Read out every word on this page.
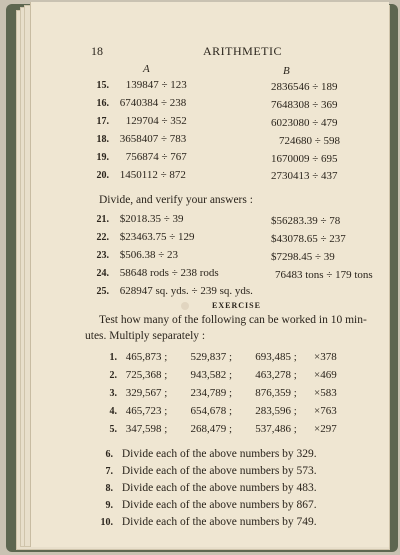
18	ARITHMETIC
A	B
15. 139847 ÷ 123	2836546 ÷ 189
16. 6740384 ÷ 238	7648308 ÷ 369
17. 129704 ÷ 352	6023080 ÷ 479
18. 3658407 ÷ 783	724680 ÷ 598
19. 756874 ÷ 767	1670009 ÷ 695
20. 1450112 ÷ 872	2730413 ÷ 437
Divide, and verify your answers :
21. $2018.35 ÷ 39	$56283.39 ÷ 78
22. $23463.75 ÷ 129	$43078.65 ÷ 237
23. $506.38 ÷ 23	$7298.45 ÷ 39
24. 58648 rods ÷ 238 rods	76483 tons ÷ 179 tons
25. 628947 sq. yds. ÷ 239 sq. yds.
EXERCISE
Test how many of the following can be worked in 10 min-
utes. Multiply separately :
1. 465,873 ; 529,837 ; 693,485 ; ×378
2. 725,368 ; 943,582 ; 463,278 ; ×469
3. 329,567 ; 234,789 ; 876,359 ; ×583
4. 465,723 ; 654,678 ; 283,596 ; ×763
5. 347,598 ; 268,479 ; 537,486 ; ×297
6. Divide each of the above numbers by 329.
7. Divide each of the above numbers by 573.
8. Divide each of the above numbers by 483.
9. Divide each of the above numbers by 867.
10. Divide each of the above numbers by 749.
